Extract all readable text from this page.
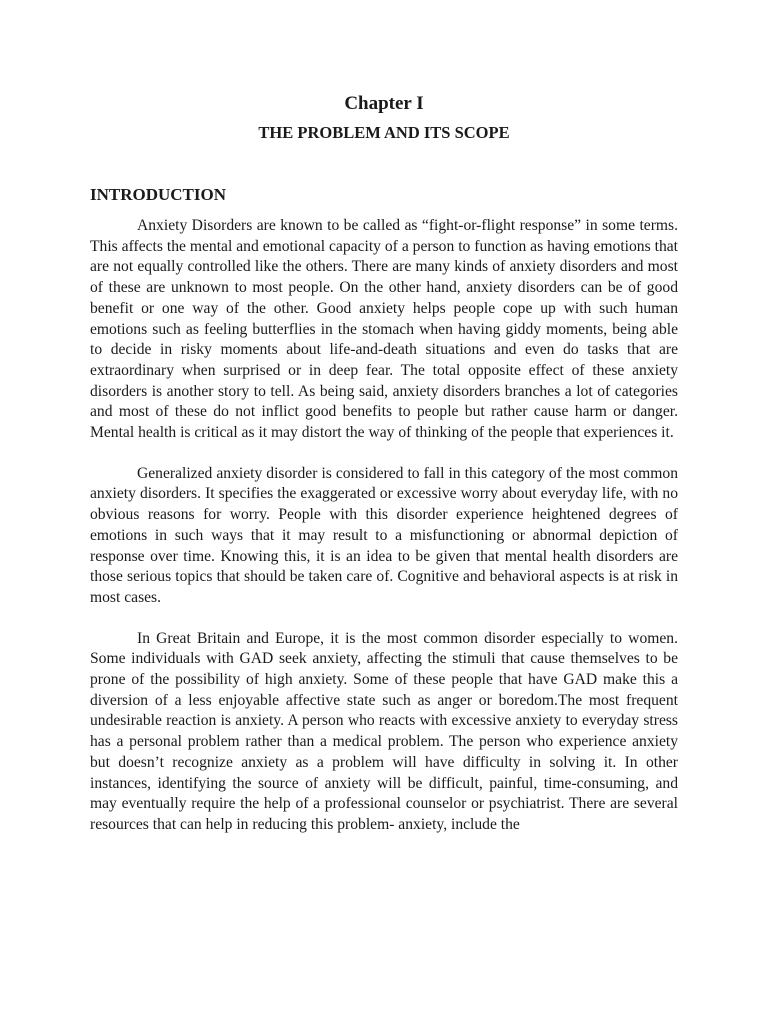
Chapter I
THE PROBLEM AND ITS SCOPE
INTRODUCTION

Anxiety Disorders are known to be called as “fight-or-flight response” in some terms. This affects the mental and emotional capacity of a person to function as having emotions that are not equally controlled like the others. There are many kinds of anxiety disorders and most of these are unknown to most people. On the other hand, anxiety disorders can be of good benefit or one way of the other. Good anxiety helps people cope up with such human emotions such as feeling butterflies in the stomach when having giddy moments, being able to decide in risky moments about life-and-death situations and even do tasks that are extraordinary when surprised or in deep fear. The total opposite effect of these anxiety disorders is another story to tell. As being said, anxiety disorders branches a lot of categories and most of these do not inflict good benefits to people but rather cause harm or danger. Mental health is critical as it may distort the way of thinking of the people that experiences it.

Generalized anxiety disorder is considered to fall in this category of the most common anxiety disorders. It specifies the exaggerated or excessive worry about everyday life, with no obvious reasons for worry. People with this disorder experience heightened degrees of emotions in such ways that it may result to a misfunctioning or abnormal depiction of response over time. Knowing this, it is an idea to be given that mental health disorders are those serious topics that should be taken care of. Cognitive and behavioral aspects is at risk in most cases.

In Great Britain and Europe, it is the most common disorder especially to women. Some individuals with GAD seek anxiety, affecting the stimuli that cause themselves to be prone of the possibility of high anxiety. Some of these people that have GAD make this a diversion of a less enjoyable affective state such as anger or boredom.The most frequent undesirable reaction is anxiety. A person who reacts with excessive anxiety to everyday stress has a personal problem rather than a medical problem. The person who experience anxiety but doesn’t recognize anxiety as a problem will have difficulty in solving it. In other instances, identifying the source of anxiety will be difficult, painful, time-consuming, and may eventually require the help of a professional counselor or psychiatrist. There are several resources that can help in reducing this problem- anxiety, include the
